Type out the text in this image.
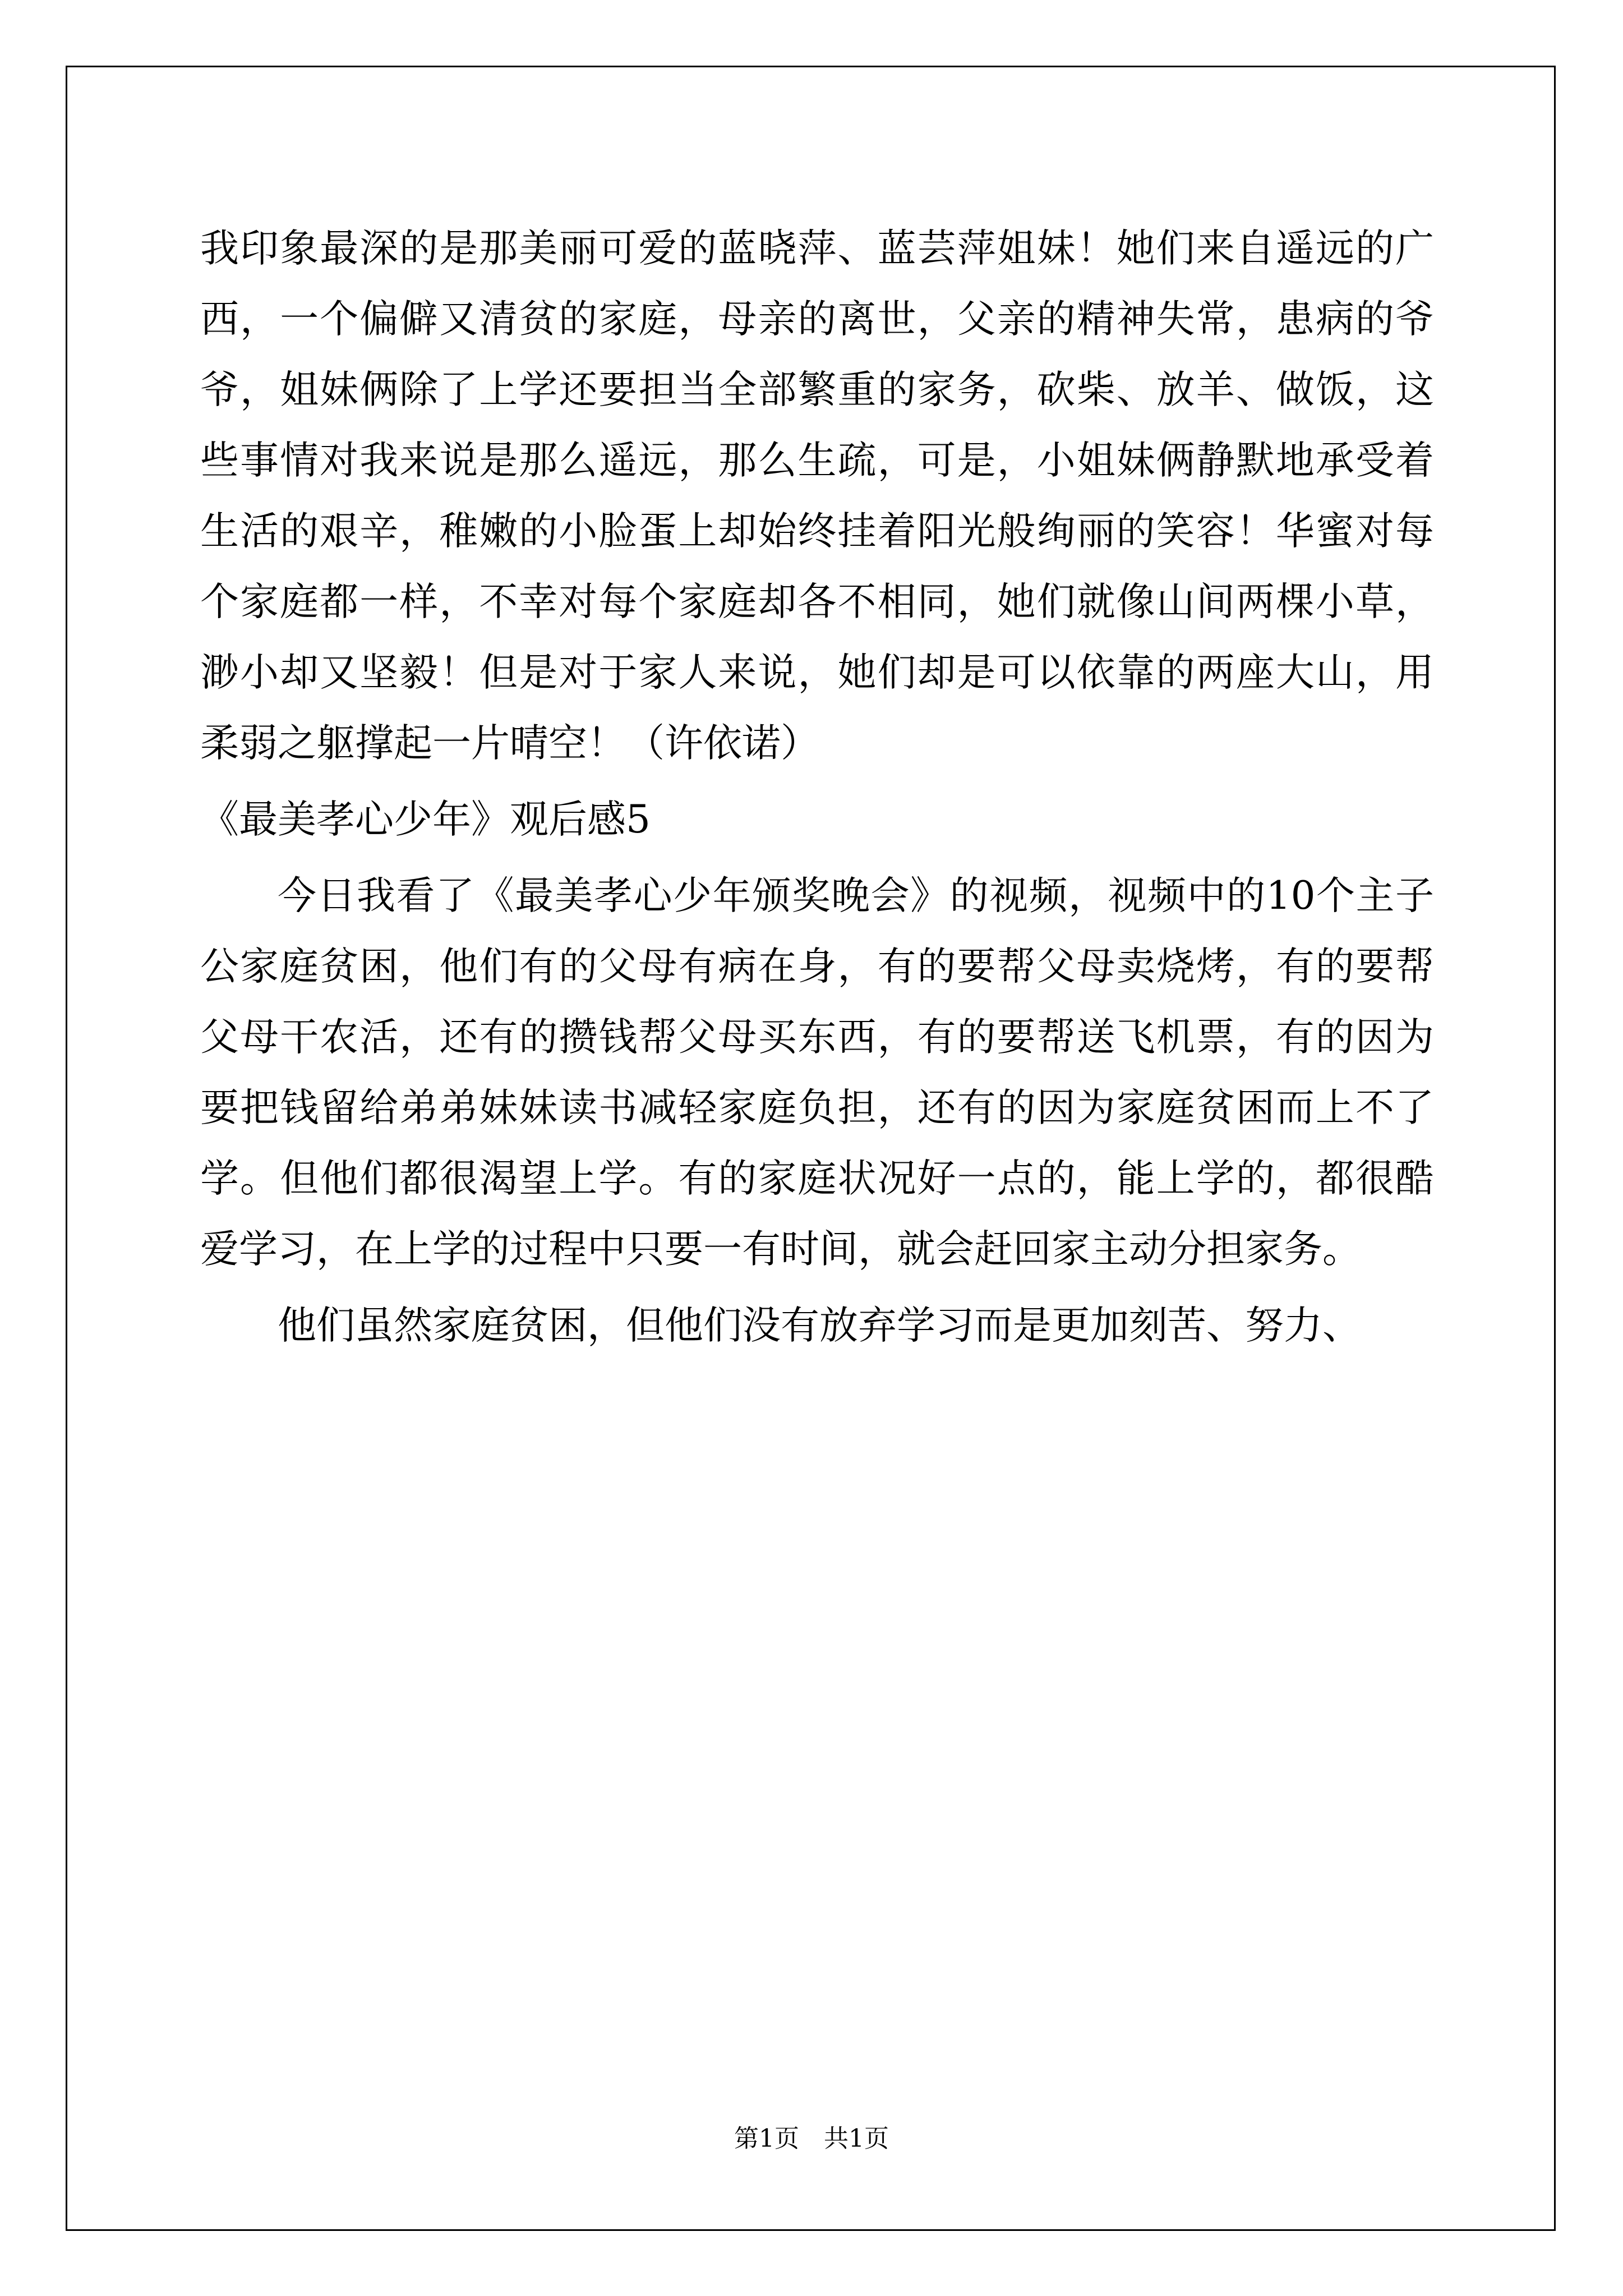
我印象最深的是那美丽可爱的蓝晓萍、蓝芸萍姐妹！她们来自遥远的广西，一个偏僻又清贫的家庭，母亲的离世，父亲的精神失常，患病的爷爷，姐妹俩除了上学还要担当全部繁重的家务，砍柴、放羊、做饭，这些事情对我来说是那么遥远，那么生疏，可是，小姐妹俩静默地承受着生活的艰辛，稚嫩的小脸蛋上却始终挂着阳光般绚丽的笑容！华蜜对每个家庭都一样，不幸对每个家庭却各不相同，她们就像山间两棵小草，渺小却又坚毅！但是对于家人来说，她们却是可以依靠的两座大山，用柔弱之躯撑起一片晴空！（许依诺）

《最美孝心少年》观后感5

今日我看了《最美孝心少年颁奖晚会》的视频，视频中的10个主子公家庭贫困，他们有的父母有病在身，有的要帮父母卖烧烤，有的要帮父母干农活，还有的攒钱帮父母买东西，有的要帮送飞机票，有的因为要把钱留给弟弟妹妹读书减轻家庭负担，还有的因为家庭贫困而上不了学。但他们都很渴望上学。有的家庭状况好一点的，能上学的，都很酷爱学习，在上学的过程中只要一有时间，就会赶回家主动分担家务。

他们虽然家庭贫困，但他们没有放弃学习而是更加刻苦、努力、

第1页　共1页
